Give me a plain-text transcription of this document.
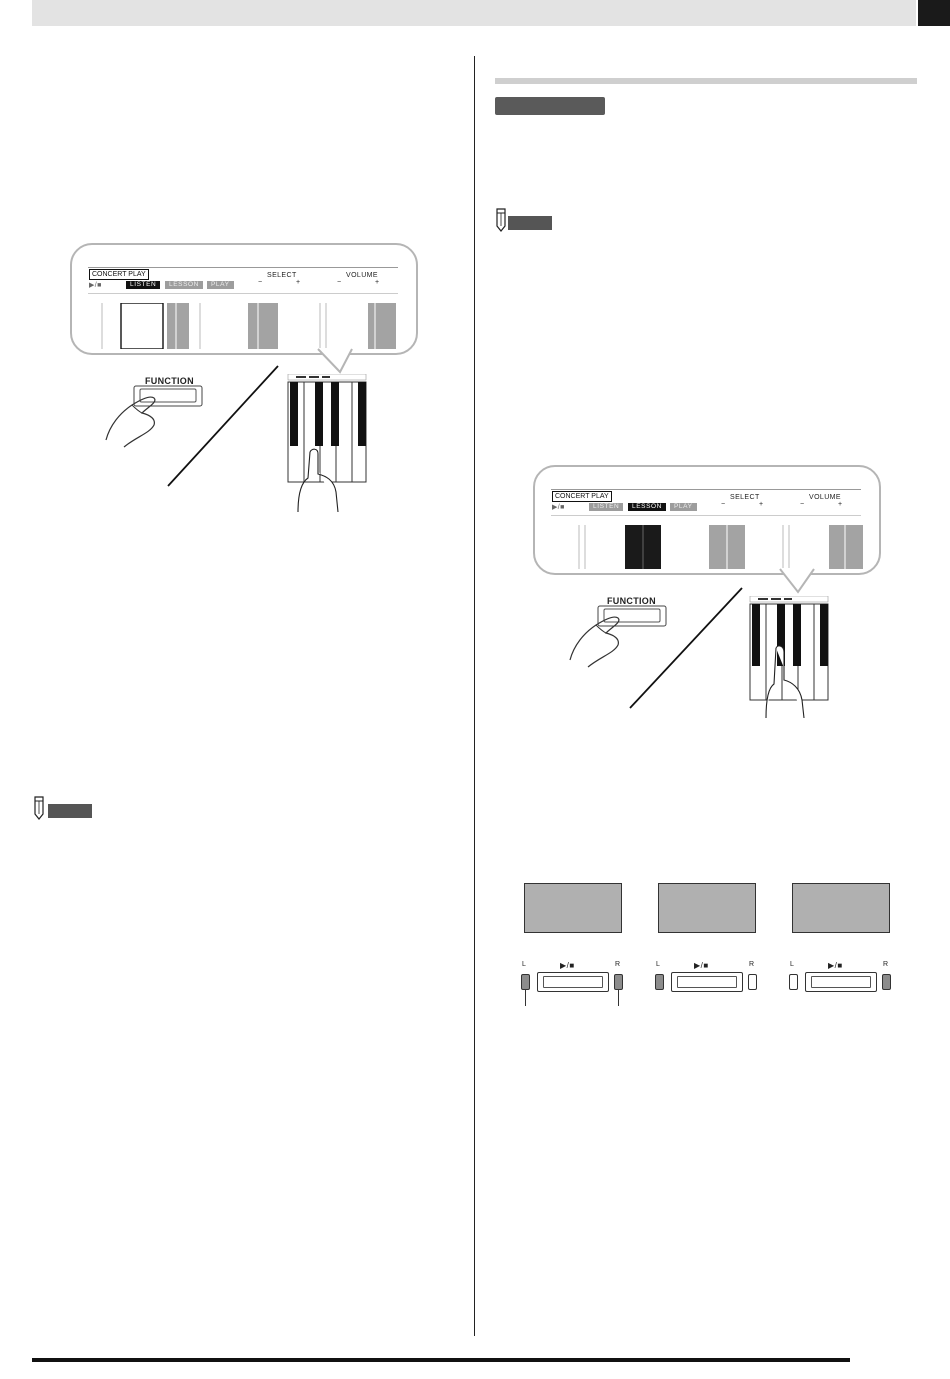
CONCERT PLAY	SELECT	VOLUME
▶/■	LISTEN	LESSON	PLAY	−	+	−	+
FUNCTION
CONCERT PLAY	SELECT	VOLUME
▶/■	LISTEN	LESSON	PLAY	−	+	−	+
FUNCTION
L	▶/■	R	L	▶/■	R	L	▶/■	R
